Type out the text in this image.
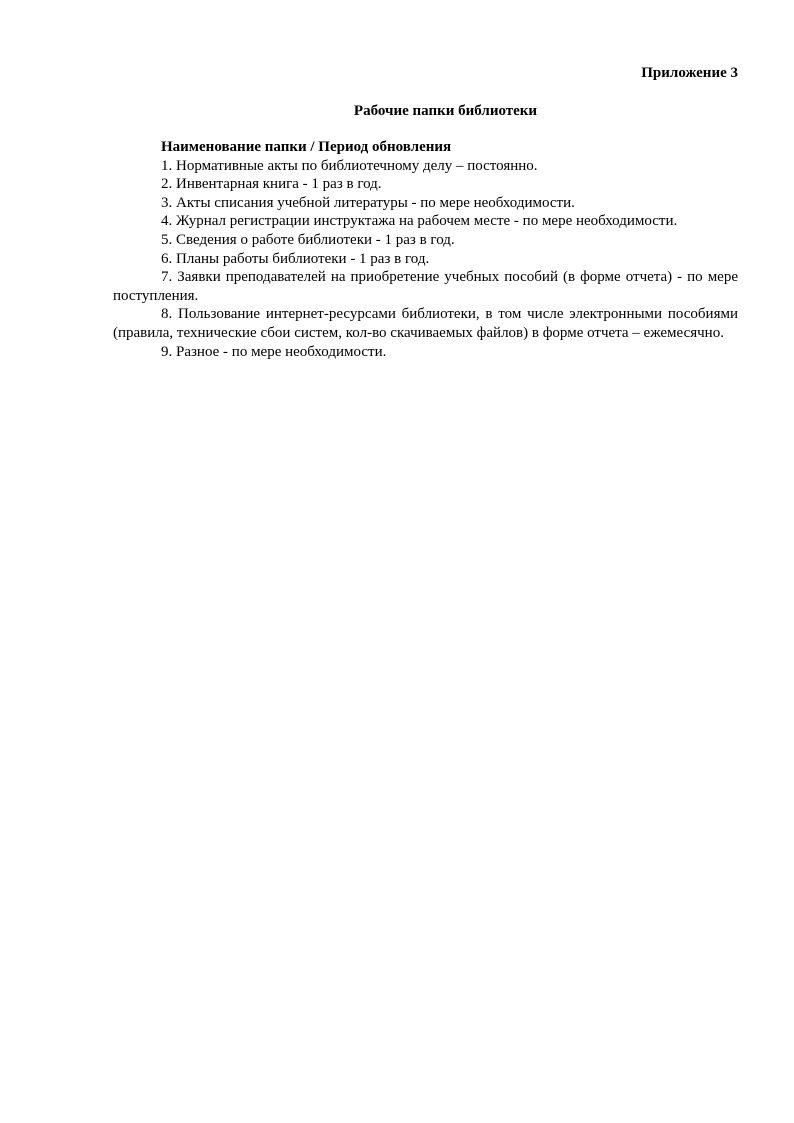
Приложение 3

Рабочие папки библиотеки

Наименование папки / Период обновления

1. Нормативные акты по библиотечному делу – постоянно.
2. Инвентарная книга - 1 раз в год.
3. Акты списания учебной литературы - по мере необходимости.
4. Журнал регистрации инструктажа на рабочем месте - по мере необходимости.
5. Сведения о работе библиотеки - 1 раз в год.
6. Планы работы библиотеки - 1 раз в год.
7. Заявки преподавателей на приобретение учебных пособий (в форме отчета) - по мере поступления.
8. Пользование интернет-ресурсами библиотеки, в том числе электронными пособиями (правила, технические сбои систем, кол-во скачиваемых файлов) в форме отчета – ежемесячно.
9. Разное - по мере необходимости.
